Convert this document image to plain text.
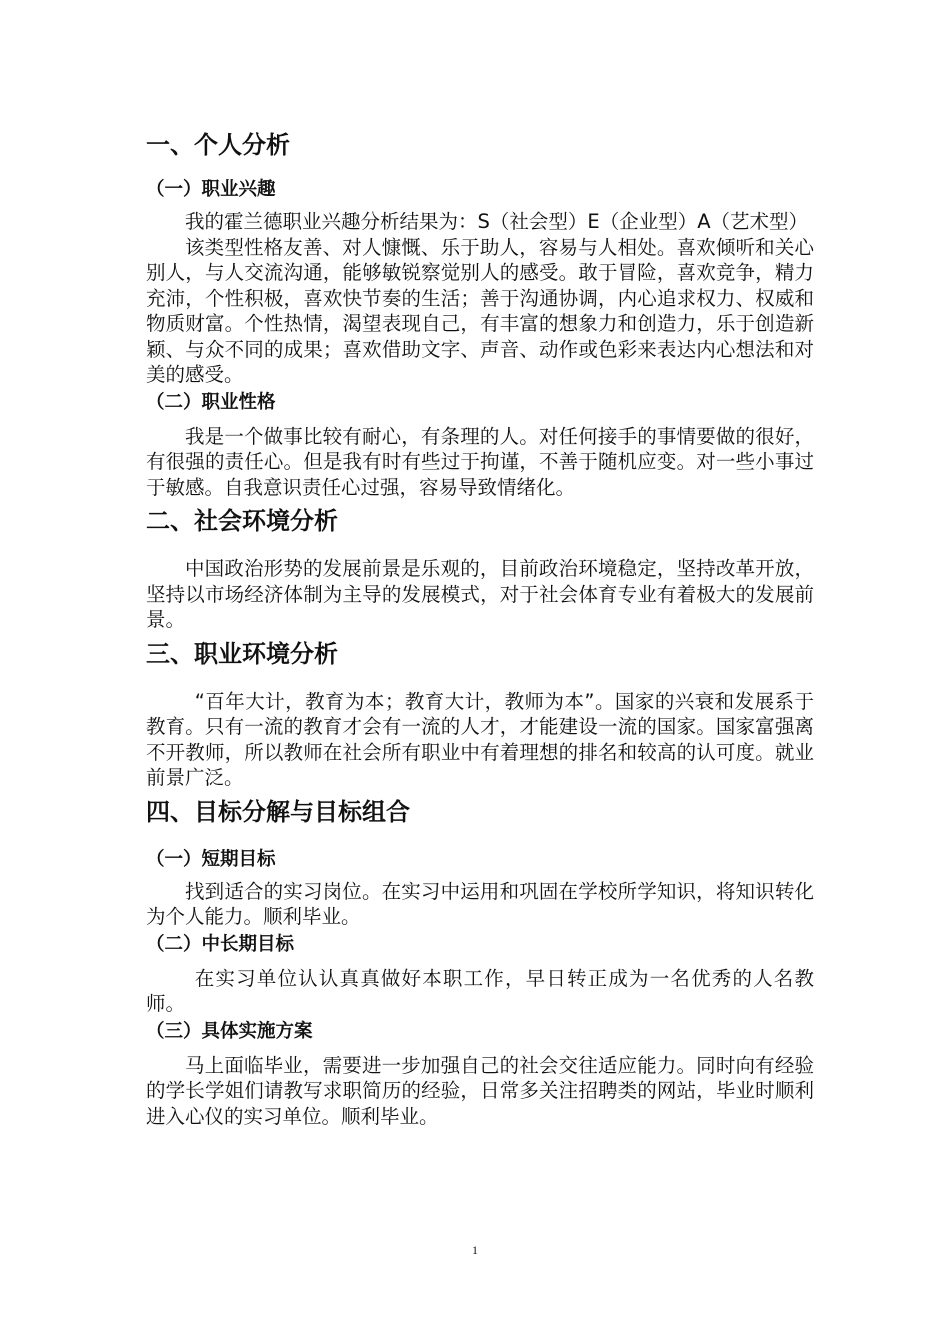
一、个人分析
（一）职业兴趣

我的霍兰德职业兴趣分析结果为：S（社会型）E（企业型）A（艺术型）

该类型性格友善、对人慷慨、乐于助人，容易与人相处。喜欢倾听和关心别人，与人交流沟通，能够敏锐察觉别人的感受。敢于冒险，喜欢竞争，精力充沛，个性积极，喜欢快节奏的生活；善于沟通协调，内心追求权力、权威和物质财富。个性热情，渴望表现自己，有丰富的想象力和创造力，乐于创造新颖、与众不同的成果；喜欢借助文字、声音、动作或色彩来表达内心想法和对美的感受。

（二）职业性格

我是一个做事比较有耐心，有条理的人。对任何接手的事情要做的很好，有很强的责任心。但是我有时有些过于拘谨，不善于随机应变。对一些小事过于敏感。自我意识责任心过强，容易导致情绪化。

二、社会环境分析

中国政治形势的发展前景是乐观的，目前政治环境稳定，坚持改革开放，坚持以市场经济体制为主导的发展模式，对于社会体育专业有着极大的发展前景。

三、职业环境分析

“百年大计，教育为本；教育大计，教师为本”。国家的兴衰和发展系于教育。只有一流的教育才会有一流的人才，才能建设一流的国家。国家富强离不开教师，所以教师在社会所有职业中有着理想的排名和较高的认可度。就业前景广泛。

四、目标分解与目标组合
（一）短期目标

找到适合的实习岗位。在实习中运用和巩固在学校所学知识，将知识转化为个人能力。顺利毕业。

（二）中长期目标

在实习单位认认真真做好本职工作，早日转正成为一名优秀的人名教师。

（三）具体实施方案

马上面临毕业，需要进一步加强自己的社会交往适应能力。同时向有经验的学长学姐们请教写求职简历的经验，日常多关注招聘类的网站，毕业时顺利进入心仪的实习单位。顺利毕业。

1
